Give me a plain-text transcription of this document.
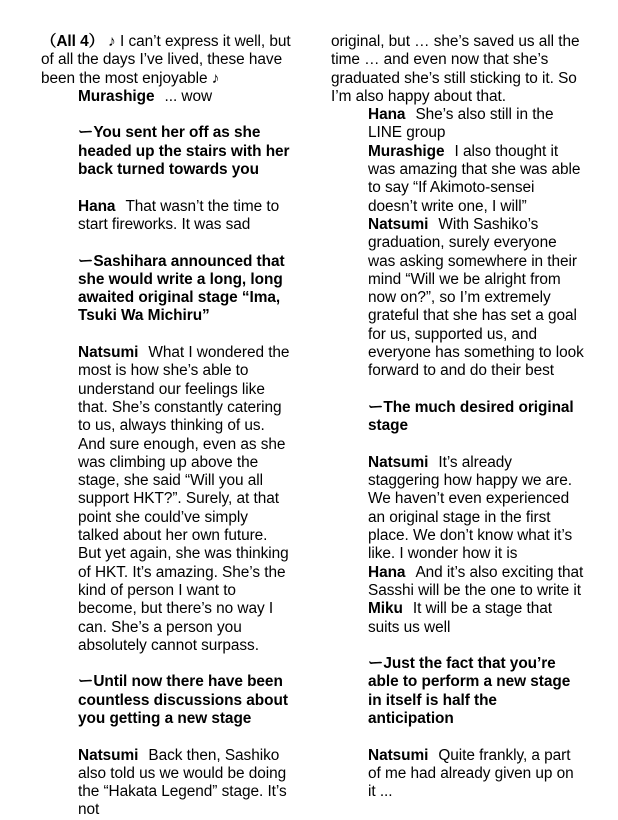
（All 4） ♪ I can’t express it well, but of all the days I’ve lived, these have been the most enjoyable ♪

Murashige ... wow

ーYou sent her off as she headed up the stairs with her back turned towards you

Hana That wasn’t the time to start fireworks. It was sad

ーSashihara announced that she would write a long, long awaited original stage “Ima, Tsuki Wa Michiru”

Natsumi What I wondered the most is how she’s able to understand our feelings like that. She’s constantly catering to us, always thinking of us. And sure enough, even as she was climbing up above the stage, she said “Will you all support HKT?”. Surely, at that point she could’ve simply talked about her own future. But yet again, she was thinking of HKT. It’s amazing. She’s the kind of person I want to become, but there’s no way I can. She’s a person you absolutely cannot surpass.

ーUntil now there have been countless discussions about you getting a new stage

Natsumi Back then, Sashiko also told us we would be doing the “Hakata Legend” stage. It’s not

original, but … she’s saved us all the time … and even now that she’s graduated she’s still sticking to it. So I’m also happy about that.

Hana She’s also still in the LINE group

Murashige I also thought it was amazing that she was able to say “If Akimoto-sensei doesn’t write one, I will”

Natsumi With Sashiko’s graduation, surely everyone was asking somewhere in their mind “Will we be alright from now on?”, so I’m extremely grateful that she has set a goal for us, supported us, and everyone has something to look forward to and do their best

ーThe much desired original stage

Natsumi It’s already staggering how happy we are. We haven’t even experienced an original stage in the first place. We don’t know what it’s like. I wonder how it is

Hana And it’s also exciting that Sasshi will be the one to write it

Miku It will be a stage that suits us well

ーJust the fact that you’re able to perform a new stage in itself is half the anticipation

Natsumi Quite frankly, a part of me had already given up on it ...
